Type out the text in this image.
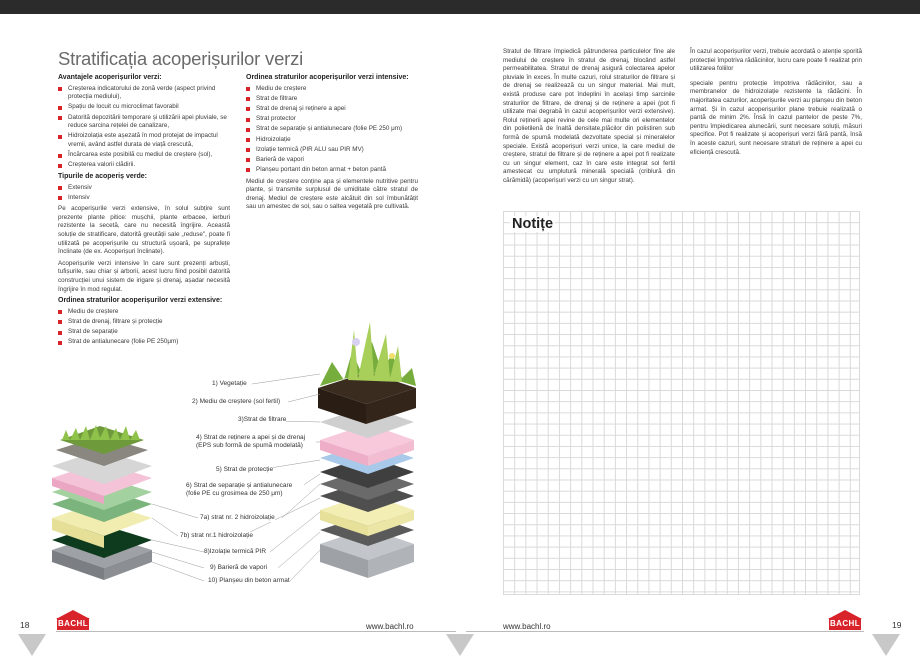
Stratificația acoperișurilor verzi
Avantajele acoperișurilor verzi:
Creșterea indicatorului de zonă verde (aspect privind protecția mediului),
Spațiu de locuit cu microclimat favorabil
Datorită depozitării temporare și utilizării apei pluviale, se reduce sarcina rețelei de canalizare,
Hidroizolația este așezată în mod protejat de impactul vremii, având astfel durata de viață crescută,
Încărcarea este posibilă cu mediul de creștere (sol),
Creșterea valorii clădirii.
Tipurile de acoperiș verde:
Extensiv
Intensiv

Pe acoperișurile verzi extensive, în solul subțire sunt prezente plante pitice: mușchii, plante erbacee, ierburi rezistente la secetă, care nu necesită îngrijire. Această soluție de stratificare, datorită greutății sale „reduse", poate fi utilizată pe acoperișurile cu structură ușoară, pe suprafețe înclinate (de ex. Acoperișuri înclinate).

Acoperișurile verzi intensive în care sunt prezenți arbuști, tufișurile, sau chiar și arborii, acest lucru fiind posibil datorită construcției unui sistem de irigare și drenaj, așadar necesită îngrijire în mod regulat.

Ordinea straturilor acoperișurilor verzi extensive:
Mediu de creștere
Strat de drenaj, filtrare și protecție
Strat de separație
Strat de antialunecare (folie PE 250μm)
Ordinea straturilor acoperișurilor verzi intensive:
Mediu de creștere
Strat de filtrare
Strat de drenaj și reținere a apei
Strat protector
Strat de separație și antialunecare (folie PE 250 μm)
Hidroizolație
Izolație termică (PIR ALU sau PIR MV)
Barieră de vapori
Planșeu portant din beton armat + beton pantă

Mediul de creștere conține apa și elementele nutritive pentru plante, și transmite surplusul de umiditate către stratul de drenaj. Mediul de creștere este alcătuit din sol îmbunătățit sau un amestec de sol, sau o saltea vegetală pre cultivată.

1) Vegetație
2) Mediu de creștere (sol fertil)
3)Strat de filtrare
4) Strat de reținere a apei și de drenaj (EPS sub formă de spumă modelată)
5) Strat de protecție
6) Strat de separație și antialunecare (folie PE cu grosimea de 250 μm)
7a) strat nr. 2 hidroizolație
7b) strat nr.1 hidroizolație
8)Izolație termică PIR
9) Barieră de vapori
10) Planșeu din beton armat

Stratul de filtrare împiedică pătrunderea particulelor fine ale mediului de creștere în stratul de drenaj, blocând astfel permeabilitatea. Stratul de drenaj asigură colectarea apelor pluviale în exces. În multe cazuri, rolul straturilor de filtrare și de drenaj se realizează cu un singur material. Mai mult, există produse care pot îndeplini în același timp sarcinile straturilor de filtrare, de drenaj și de reținere a apei (pot fi utilizate mai degrabă în cazul acoperișurilor verzi extensive). Rolul reținerii apei revine de cele mai multe ori elementelor din polietilenă de înaltă densitate,plăcilor din polistiren sub formă de spumă modelată dezvoltate special și mineralelor speciale. Există acoperișuri verzi unice, la care mediul de creștere, stratul de filtrare și de reținere a apei pot fi realizate cu un singur element, caz în care este integrat sol fertil amestecat cu umplutură minerală specială (criblură din cărămidă) (acoperișuri verzi cu un singur strat).

În cazul acoperișurilor verzi, trebuie acordată o atenție sporită protecției împotriva rădăcinilor, lucru care poate fi realizat prin utilizarea foliilor

speciale pentru protecție împotriva rădăcinilor, sau a membranelor de hidroizolație rezistente la rădăcini. În majoritatea cazurilor, acoperișurile verzi au planșeu din beton armat. Și în cazul acoperișurilor plane trebuie realizată o pantă de minim 2%. Însă în cazul pantelor de peste 7%, pentru împiedicarea alunecării, sunt necesare soluții, măsuri specifice. Pot fi realizate și acoperișuri verzi fără pantă, însă în aceste cazuri, sunt necesare straturi de reținere a apei cu eficiență crescută.

Notițe
18	BACHL	www.bachl.ro	www.bachl.ro	BACHL	19
